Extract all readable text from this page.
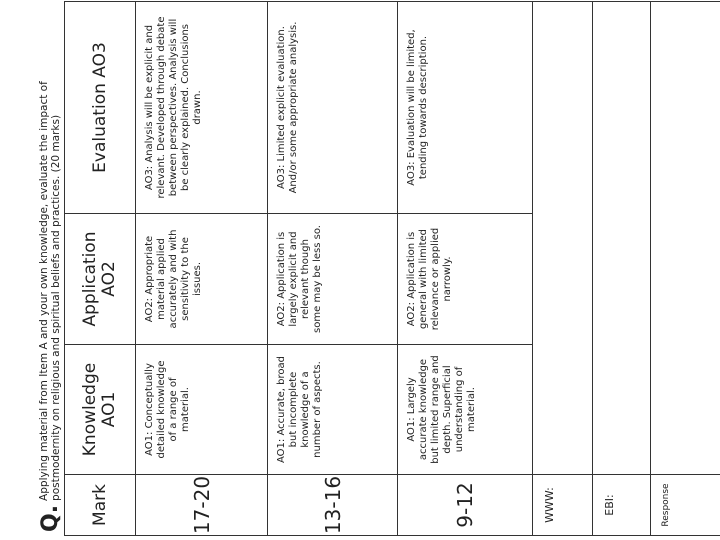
Q.
Applying material from Item A and your own knowledge, evaluate the impact of postmodernity on religious and spiritual beliefs and practices. (20 marks)
Mark	Knowledge AO1	Application AO2	Evaluation AO3
17-20	AO1: Conceptually detailed knowledge of a range of material.	AO2: Appropriate material applied accurately and with sensitivity to the issues.	AO3: Analysis will be explicit and relevant. Developed through debate between perspectives. Analysis will be clearly explained. Conclusions drawn.
13-16	AO1: Accurate, broad but incomplete knowledge of a number of aspects.	AO2: Application is largely explicit and relevant though some may be less so.	AO3: Limited explicit evaluation. And/or some appropriate analysis.
9-12	AO1: Largely accurate knowledge but limited range and depth. Superficial understanding of material.	AO2: Application is general with limited relevance or applied narrowly.	AO3: Evaluation will be limited, tending towards description.
WWW:			
EBI:			
Response			
